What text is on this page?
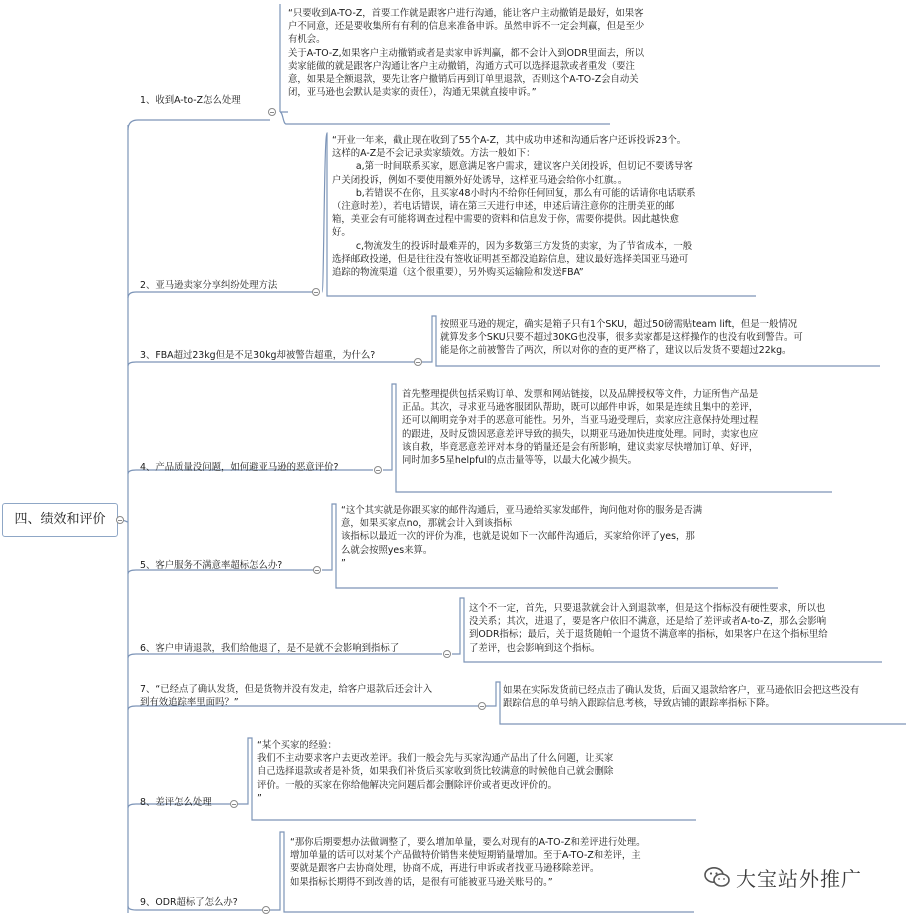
四、绩效和评价
1、收到A-to-Z怎么处理
“只要收到A-TO-Z，首要工作就是跟客户进行沟通，能让客户主动撤销是最好，如果客
户不同意，还是要收集所有有利的信息来准备申诉。虽然申诉不一定会判赢，但是至少
有机会。
关于A-TO-Z,如果客户主动撤销或者是卖家申诉判赢，都不会计入到ODR里面去，所以
卖家能做的就是跟客户沟通让客户主动撤销，沟通方式可以选择退款或者重发（要注
意，如果是全额退款，要先让客户撤销后再到订单里退款，否则这个A-TO-Z会自动关
闭，亚马逊也会默认是卖家的责任），沟通无果就直接申诉。”
2、亚马逊卖家分享纠纷处理方法
“开业一年来，截止现在收到了55个A-Z，其中成功申述和沟通后客户还诉投诉23个。
这样的A-Z是不会记录卖家绩效。方法一般如下：
a,第一时间联系买家，愿意满足客户需求，建议客户关闭投诉，但切记不要诱导客
户关闭投诉，例如不要使用额外好处诱导，这样亚马逊会给你小红旗。。
b,若错误不在你，且买家48小时内不给你任何回复，那么有可能的话请你电话联系
（注意时差），若电话错误，请在第三天进行申述，申述后请注意你的注册美亚的邮
箱，美亚会有可能将调查过程中需要的资料和信息发于你，需要你提供。因此越快愈
好。
c,物流发生的投诉时最难弄的，因为多数第三方发货的卖家，为了节省成本，一般
选择邮政投递，但是往往没有签收证明甚至都没追踪信息，建议最好选择美国亚马逊可
追踪的物流渠道（这个很重要），另外购买运输险和发送FBA”
3、FBA超过23kg但是不足30kg却被警告超重，为什么?
按照亚马逊的规定，确实是箱子只有1个SKU，超过50磅需贴team lift，但是一般情况
就算发多个SKU只要不超过30KG也没事，很多卖家都是这样操作的也没有收到警告。可
能是你之前被警告了两次，所以对你的查的更严格了，建议以后发货不要超过22kg。
4、产品质量没问题，如何避亚马逊的恶意评价?
首先整理提供包括采购订单、发票和网站链接，以及品牌授权等文件，力证所售产品是
正品。其次，寻求亚马逊客服团队帮助，既可以邮件申诉，如果是连续且集中的差评，
还可以阐明竞争对手的恶意可能性。另外，当亚马逊受理后，卖家应注意保持处理过程
的跟进，及时反馈因恶意差评导致的损失，以期亚马逊加快进度处理。同时，卖家也应
该自救，毕竟恶意差评对本身的销量还是会有所影响，建议卖家尽快增加订单、好评，
同时加多5星helpful的点击量等等，以最大化减少损失。
5、客户服务不满意率超标怎么办?
“这个其实就是你跟买家的邮件沟通后，亚马逊给买家发邮件，询问他对你的服务是否满
意，如果买家点no，那就会计入到该指标
该指标以最近一次的评价为准，也就是说如下一次邮件沟通后，买家给你评了yes，那
么就会按照yes来算。
”
6、客户申请退款，我们给他退了，是不是就不会影响到指标了
这个不一定，首先，只要退款就会计入到退款率，但是这个指标没有硬性要求，所以也
没关系；其次，进退了，要是客户依旧不满意，还是给了差评或者A-to-Z，那么会影响
到ODR指标；最后，关于退货随帕一个退货不满意率的指标，如果客户在这个指标里给
了差评，也会影响到这个指标。
7、“已经点了确认发货，但是货物并没有发走，给客户退款后还会计入
到有效追踪率里面吗？”
如果在实际发货前已经点击了确认发货，后面又退款给客户，亚马逊依旧会把这些没有
跟踪信息的单号纳入跟踪信息考核，导致店铺的跟踪率指标下降。
8、差评怎么处理
“某个买家的经验：
我们不主动要求客户去更改差评。我们一般会先与买家沟通产品出了什么问题，让买家
自己选择退款或者是补货，如果我们补货后买家收到货比较满意的时候他自己就会删除
评价。一般的买家在你给他解决完问题后都会删除评价或者更改评价的。
”
9、ODR超标了怎么办?
“那你后期要想办法做调整了，要么增加单量，要么对现有的A-TO-Z和差评进行处理。
增加单量的话可以对某个产品做特价销售来使短期销量增加。至于A-TO-Z和差评，主
要就是跟客户去协商处理，协商不成，再进行申诉或者找亚马逊移除差评。
如果指标长期得不到改善的话，是很有可能被亚马逊关账号的。”	大宝站外推广
